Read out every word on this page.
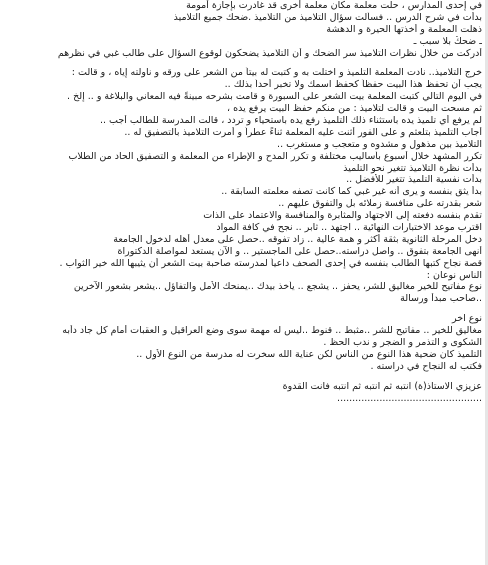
في إحدى المدارس ، حلت معلمة مكان معلمة أخرى قد غادرت بإجازة أمومة
بدأت في شرح الدرس .. فسألت سؤال التلاميذ من التلاميذ .ضحك جميع التلاميذ
ذهلت المعلمة و أخذتها الحيرة و الدهشة
ـ ضحكٌ بلا سبب ـ
أدركت من خلال نظرات التلاميذ سر الضحك و أن التلاميذ يضحكون لوقوع السؤال على طالب غبي في نظرهم
خرج التلاميذ.. نادت المعلمة التلميذ و اختلت به و كتبت له بيتاً من الشعر على ورقه و ناولته إياه ، و قالت :
يجب أن تحفظ هذا البيت حفظاً كحفظ اسمك ولا تخبر أحداً بذلك ..
في اليوم التالي كتبت المعلمة بيت الشعر على السبورة و قامت بشرحه مبينةً فيه المعاني والبلاغة و .. إلخ .
ثم مسحت البيت و قالت لتلاميذ : من منكم حفظ البيت يرفع يده ،
لم يرفع أي تلميذ يده باستثناء ذلك التلميذ رفع يده باستحياء و تردد ، قالت المدرسة للطالب أجب ..
أجاب التلميذ بتلعثم و على الفور أثنت عليه المعلمة ثناءً عطراً و أمرت التلاميذ بالتصفيق له ..
التلاميذ بين مذهول و مشدوه و متعجب و مستغرب ..
تكرر المشهد خلال أسبوع بأساليب مختلفة و تكرر المدح و الإطراء من المعلمة و التصفيق الحاد من الطلاب
بدأت نظرة التلاميذ تتغير نحو التلميذ
بدأت نفسية التلميذ تتغير للأفضل ..
بدأ يثق بنفسه و يرى أنه غير غبي كما كانت تصفه معلمته السابقة ..
شعر بقدرته على منافسة زملائه بل والتفوق عليهم ..
تقدم بنفسه دفعته إلى الاجتهاد والمثابرة والمنافسة والاعتماد على الذات
اقترب موعد الاختبارات النهائية .. اجتهد .. ثابر .. نجح في كافة المواد
دخل المرحلة الثانوية بثقة أكثر و همة عالية .. زاد تفوقه ..حصل على معدل أهله لدخول الجامعة
أنهى الجامعة بتفوق .. واصل دراسته..حصل على الماجستير .. و الآن يستعد لمواصلة الدكتوراة
قصة نجاح كتبها الطالب بنفسه في إحدى الصحف داعياً لمدرسته صاحبة بيت الشعر أن يثيبها الله خير الثواب .
الناس نوعان :
نوع مفاتيح للخير مغاليق للشر، يحفز .. يشجع .. يأخذ بيدك ..يمنحك الأمل والتفاؤل ..يشعر بشعور الآخرين
..صاحب مبدأ ورسالة
نوع آخر
مغاليق للخير .. مفاتيح للشر ..مثبط .. قنوط ..ليس له مهمة سوى وضع العراقيل و العقبات أمام كل جاد دأبه
الشكوى و التذمر و الضجر و ندب الحظ .
التلميذ كان ضحية هذا النوع من الناس لكن عناية الله سخرت له مدرسة من النوع الأول ..
فكتب له النجاح في دراسته .
عزيزي الاستاذ(ة) انتبه ثم انتبه ثم انتبه فانت القدوة
................................................
